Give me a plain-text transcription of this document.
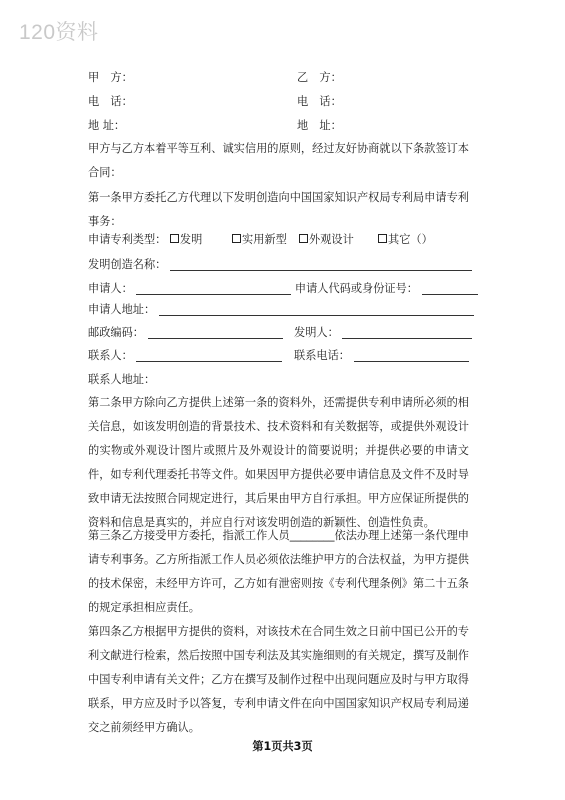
120资料
甲　方：	乙　方：
电　话：	电　话：
地 址：	地　址：
甲方与乙方本着平等互利、诚实信用的原则，经过友好协商就以下条款签订本合同：
第一条甲方委托乙方代理以下发明创造向中国国家知识产权局专利局申请专利事务：
申请专利类型： 发明	实用新型	外观设计	其它（）
发明创造名称：
申请人：	申请人代码或身份证号：
申请人地址：
邮政编码：	发明人：
联系人：	联系电话：
联系人地址：
第二条甲方除向乙方提供上述第一条的资料外，还需提供专利申请所必须的相关信息，如该发明创造的背景技术、技术资料和有关数据等，或提供外观设计的实物或外观设计图片或照片及外观设计的简要说明；并提供必要的申请文件，如专利代理委托书等文件。如果因甲方提供必要申请信息及文件不及时导致申请无法按照合同规定进行，其后果由甲方自行承担。甲方应保证所提供的资料和信息是真实的，并应自行对该发明创造的新颖性、创造性负责。
第三条乙方接受甲方委托，指派工作人员________依法办理上述第一条代理申请专利事务。乙方所指派工作人员必须依法维护甲方的合法权益，为甲方提供的技术保密，未经甲方许可，乙方如有泄密则按《专利代理条例》第二十五条的规定承担相应责任。
第四条乙方根据甲方提供的资料，对该技术在合同生效之日前中国已公开的专利文献进行检索，然后按照中国专利法及其实施细则的有关规定，撰写及制作中国专利申请有关文件；乙方在撰写及制作过程中出现问题应及时与甲方取得联系，甲方应及时予以答复，专利申请文件在向中国国家知识产权局专利局递交之前须经甲方确认。
第1页共3页
